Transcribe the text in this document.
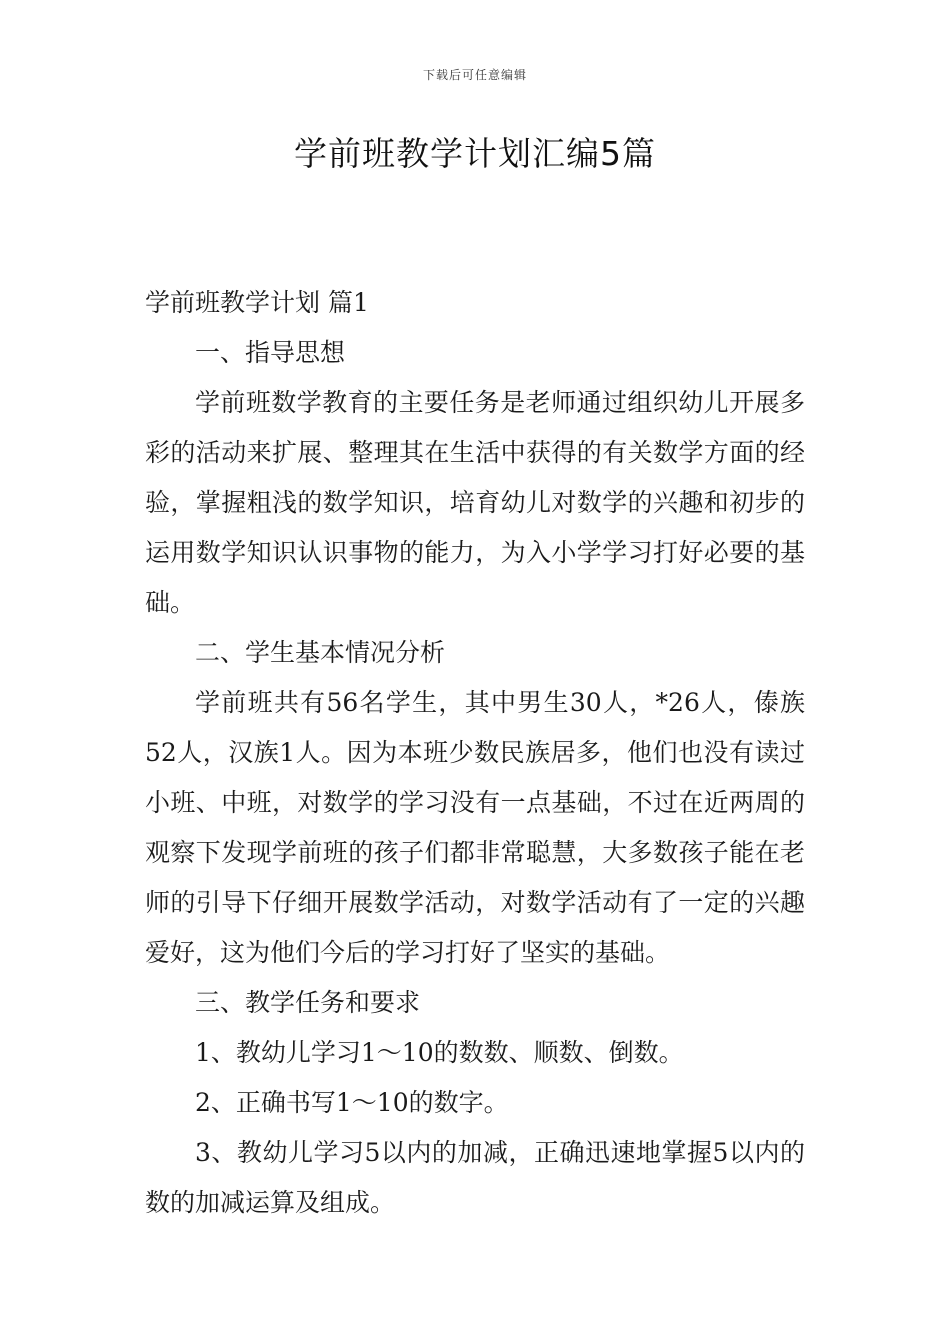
下载后可任意编辑
学前班教学计划汇编5篇

学前班教学计划 篇1

一、指导思想

学前班数学教育的主要任务是老师通过组织幼儿开展多彩的活动来扩展、整理其在生活中获得的有关数学方面的经验，掌握粗浅的数学知识，培育幼儿对数学的兴趣和初步的运用数学知识认识事物的能力，为入小学学习打好必要的基础。

二、学生基本情况分析

学前班共有56名学生，其中男生30人，*26人，傣族52人，汉族1人。因为本班少数民族居多，他们也没有读过小班、中班，对数学的学习没有一点基础，不过在近两周的观察下发现学前班的孩子们都非常聪慧，大多数孩子能在老师的引导下仔细开展数学活动，对数学活动有了一定的兴趣爱好，这为他们今后的学习打好了坚实的基础。

三、教学任务和要求

1、教幼儿学习1～10的数数、顺数、倒数。

2、正确书写1～10的数字。

3、教幼儿学习5以内的加减，正确迅速地掌握5以内的数的加减运算及组成。
